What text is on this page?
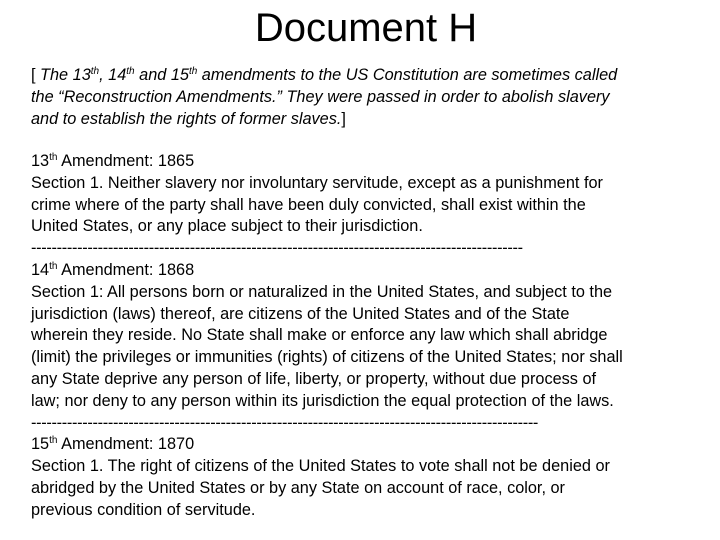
Document H

[ The 13th, 14th and 15th amendments to the US Constitution are sometimes called
the “Reconstruction Amendments.” They were passed in order to abolish slavery
and to establish the rights of former slaves.]

13th Amendment: 1865
Section 1. Neither slavery nor involuntary servitude, except as a punishment for
crime where of the party shall have been duly convicted, shall exist within the
United States, or any place subject to their jurisdiction.
------------------------------------------------------------------------------------------------
14th Amendment: 1868
Section 1: All persons born or naturalized in the United States, and subject to the
jurisdiction (laws) thereof, are citizens of the United States and of the State
wherein they reside. No State shall make or enforce any law which shall abridge
(limit) the privileges or immunities (rights) of citizens of the United States; nor shall
any State deprive any person of life, liberty, or property, without due process of
law; nor deny to any person within its jurisdiction the equal protection of the laws.
---------------------------------------------------------------------------------------------------
15th Amendment: 1870
Section 1. The right of citizens of the United States to vote shall not be denied or
abridged by the United States or by any State on account of race, color, or
previous condition of servitude.
